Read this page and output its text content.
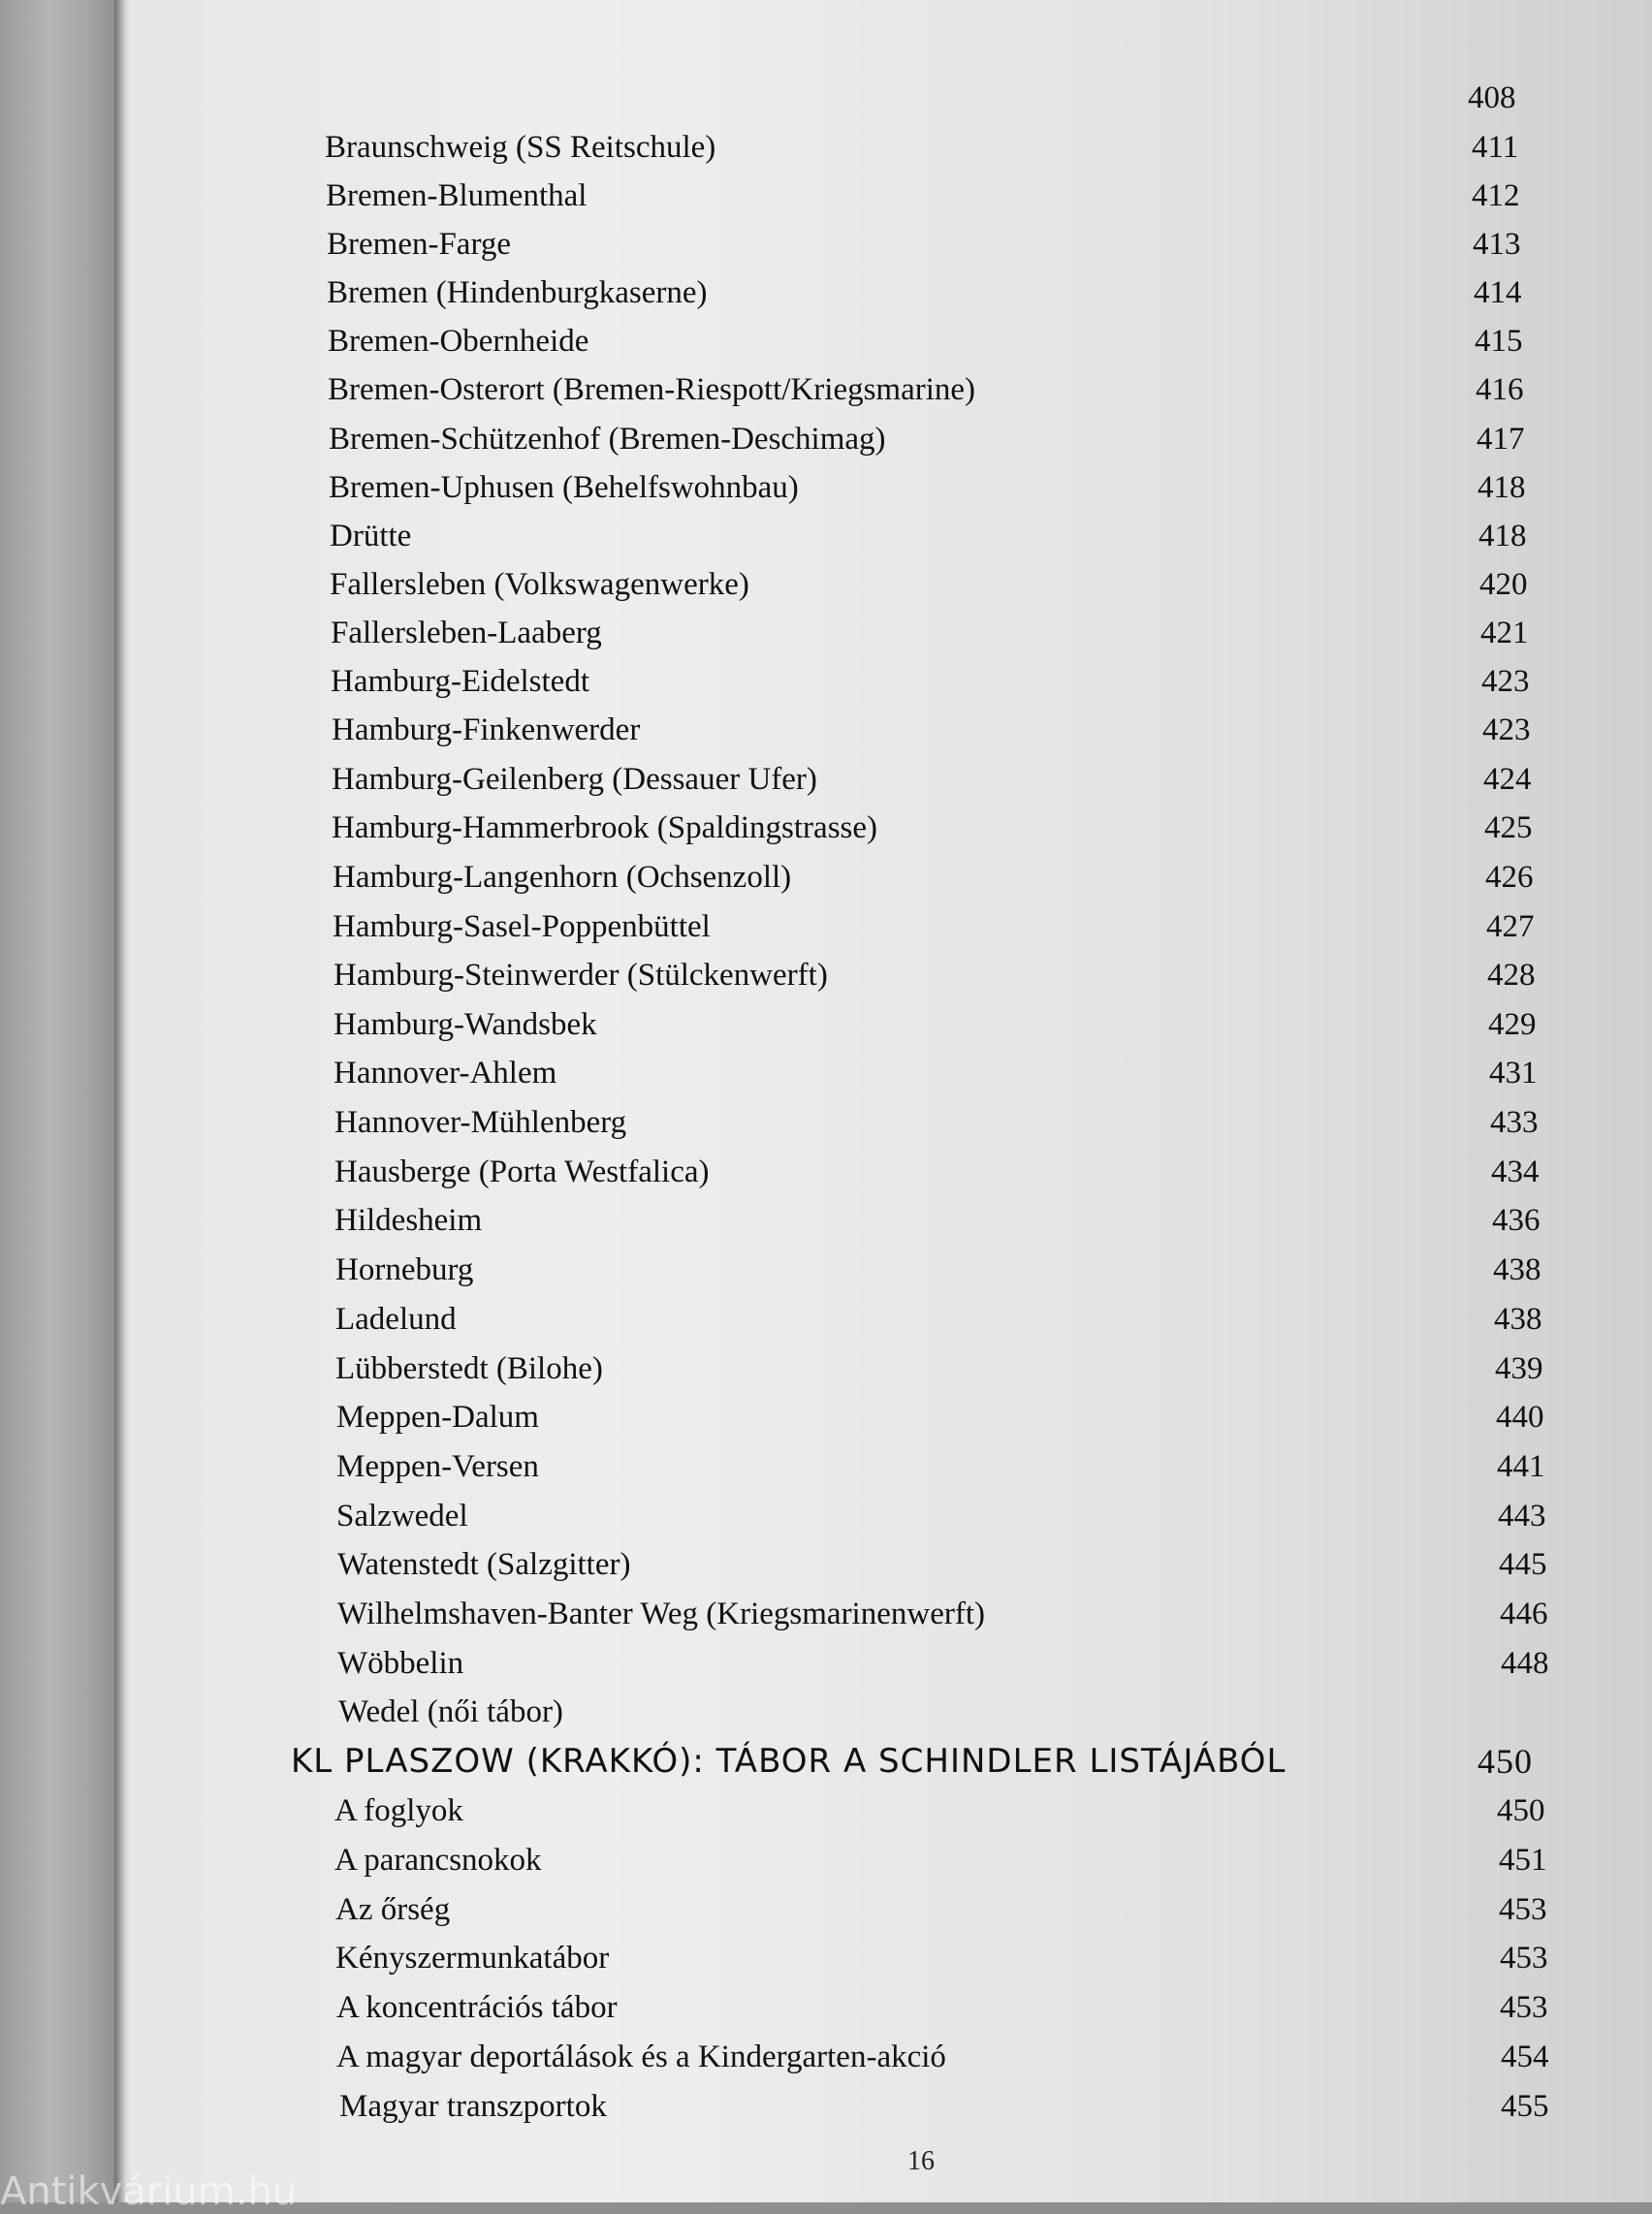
408
Braunschweig (SS Reitschule)	411
Bremen-Blumenthal	412
Bremen-Farge	413
Bremen (Hindenburgkaserne)	414
Bremen-Obernheide	415
Bremen-Osterort (Bremen-Riespott/Kriegsmarine)	416
Bremen-Schützenhof (Bremen-Deschimag)	417
Bremen-Uphusen (Behelfswohnbau)	418
Drütte	418
Fallersleben (Volkswagenwerke)	420
Fallersleben-Laaberg	421
Hamburg-Eidelstedt	423
Hamburg-Finkenwerder	423
Hamburg-Geilenberg (Dessauer Ufer)	424
Hamburg-Hammerbrook (Spaldingstrasse)	425
Hamburg-Langenhorn (Ochsenzoll)	426
Hamburg-Sasel-Poppenbüttel	427
Hamburg-Steinwerder (Stülckenwerft)	428
Hamburg-Wandsbek	429
Hannover-Ahlem	431
Hannover-Mühlenberg	433
Hausberge (Porta Westfalica)	434
Hildesheim	436
Horneburg	438
Ladelund	438
Lübberstedt (Bilohe)	439
Meppen-Dalum	440
Meppen-Versen	441
Salzwedel	443
Watenstedt (Salzgitter)	445
Wilhelmshaven-Banter Weg (Kriegsmarinenwerft)	446
Wöbbelin	448
Wedel (női tábor)
KL PLASZOW (KRAKKÓ): TÁBOR A SCHINDLER LISTÁJÁBÓL	450
A foglyok	450
A parancsnokok	451
Az őrség	453
Kényszermunkatábor	453
A koncentrációs tábor	453
A magyar deportálások és a Kindergarten-akció	454
Magyar transzportok	455
16
Antikvárium.hu
